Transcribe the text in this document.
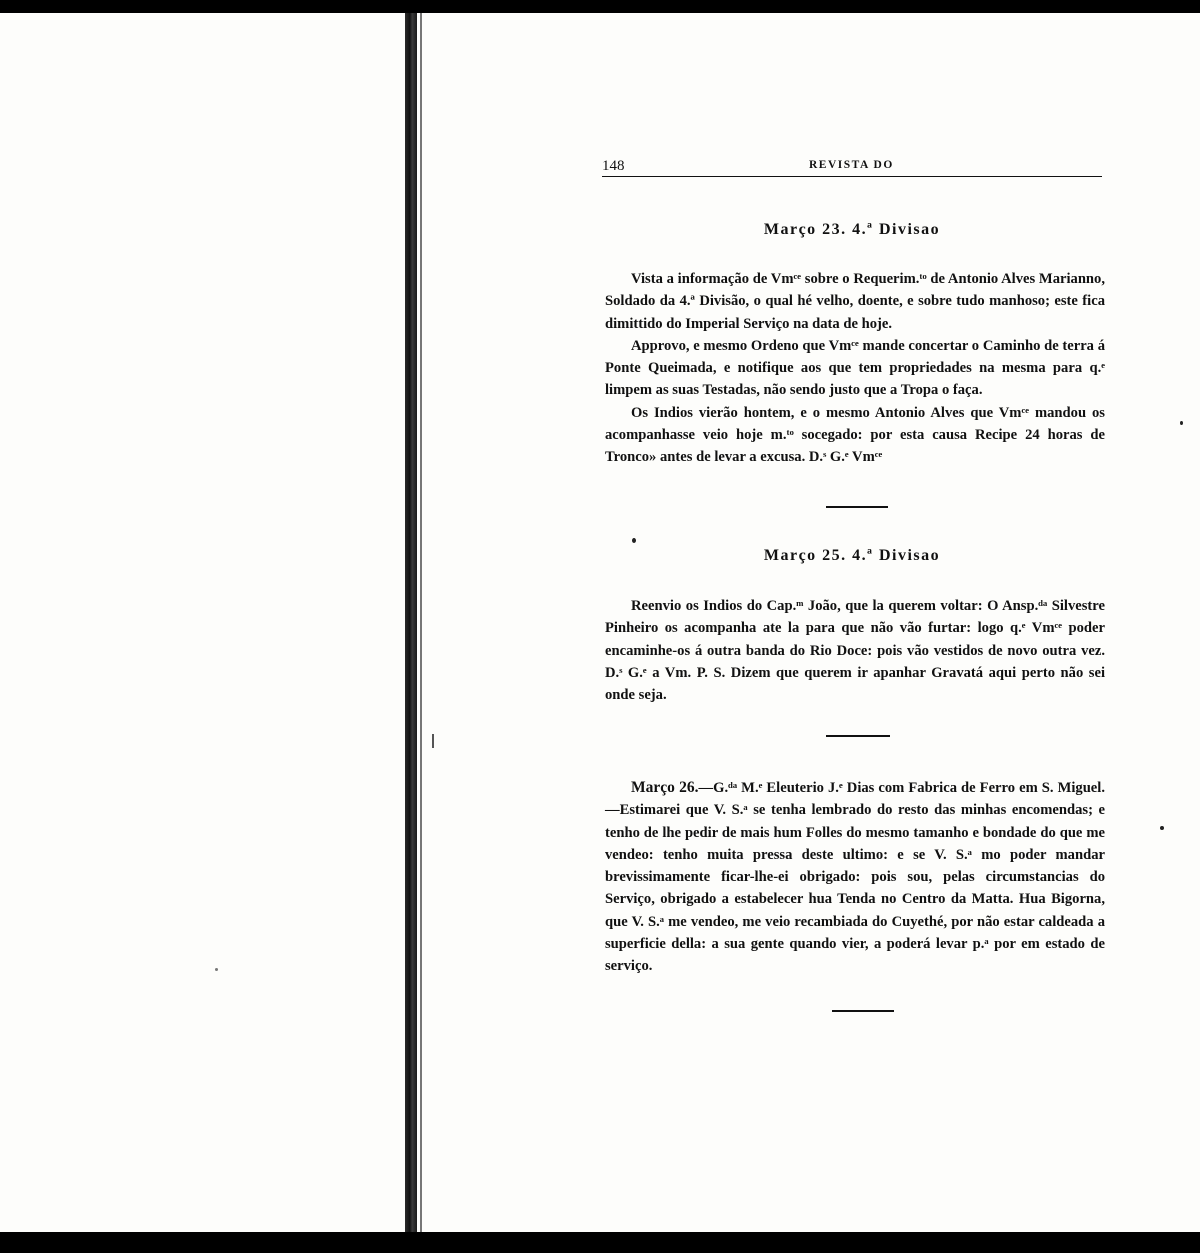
148	REVISTA DO
Março 23. 4.ª Divisao

Vista a informação de Vmᶜᵉ sobre o Requerim.ᵗᵒ de Antonio Alves Marianno, Soldado da 4.ª Divisão, o qual hé velho, doente, e sobre tudo manhoso; este fica dimittido do Imperial Serviço na data de hoje.

Approvo, e mesmo Ordeno que Vmᶜᵉ mande concertar o Caminho de terra á Ponte Queimada, e notifique aos que tem propriedades na mesma para q.ᵉ limpem as suas Testadas, não sendo justo que a Tropa o faça.

Os Indios vierão hontem, e o mesmo Antonio Alves que Vmᶜᵉ mandou os acompanhasse veio hoje m.ᵗᵒ socegado: por esta causa Recipe 24 horas de Tronco» antes de levar a excusa. D.ˢ G.ᵉ Vmᶜᵉ

Março 25. 4.ª Divisao

Reenvio os Indios do Cap.ᵐ João, que la querem voltar: O Ansp.ᵈᵃ Silvestre Pinheiro os acompanha ate la para que não vão furtar: logo q.ᵉ Vmᶜᵉ poder encaminhe-os á outra banda do Rio Doce: pois vão vestidos de novo outra vez. D.ˢ G.ᵉ a Vm. P. S. Dizem que querem ir apanhar Gravatá aqui perto não sei onde seja.

Março 26.—G.ᵈᵃ M.ᵉ Eleuterio J.ᵉ Dias com Fabrica de Ferro em S. Miguel.—Estimarei que V. S.ᵃ se tenha lembrado do resto das minhas encomendas; e tenho de lhe pedir de mais hum Folles do mesmo tamanho e bondade do que me vendeo: tenho muita pressa deste ultimo: e se V. S.ᵃ mo poder mandar brevissimamente ficar-lhe-ei obrigado: pois sou, pelas circumstancias do Serviço, obrigado a estabelecer hua Tenda no Centro da Matta. Hua Bigorna, que V. S.ᵃ me vendeo, me veio recambiada do Cuyethé, por não estar caldeada a superficie della: a sua gente quando vier, a poderá levar p.ᵃ por em estado de serviço.
